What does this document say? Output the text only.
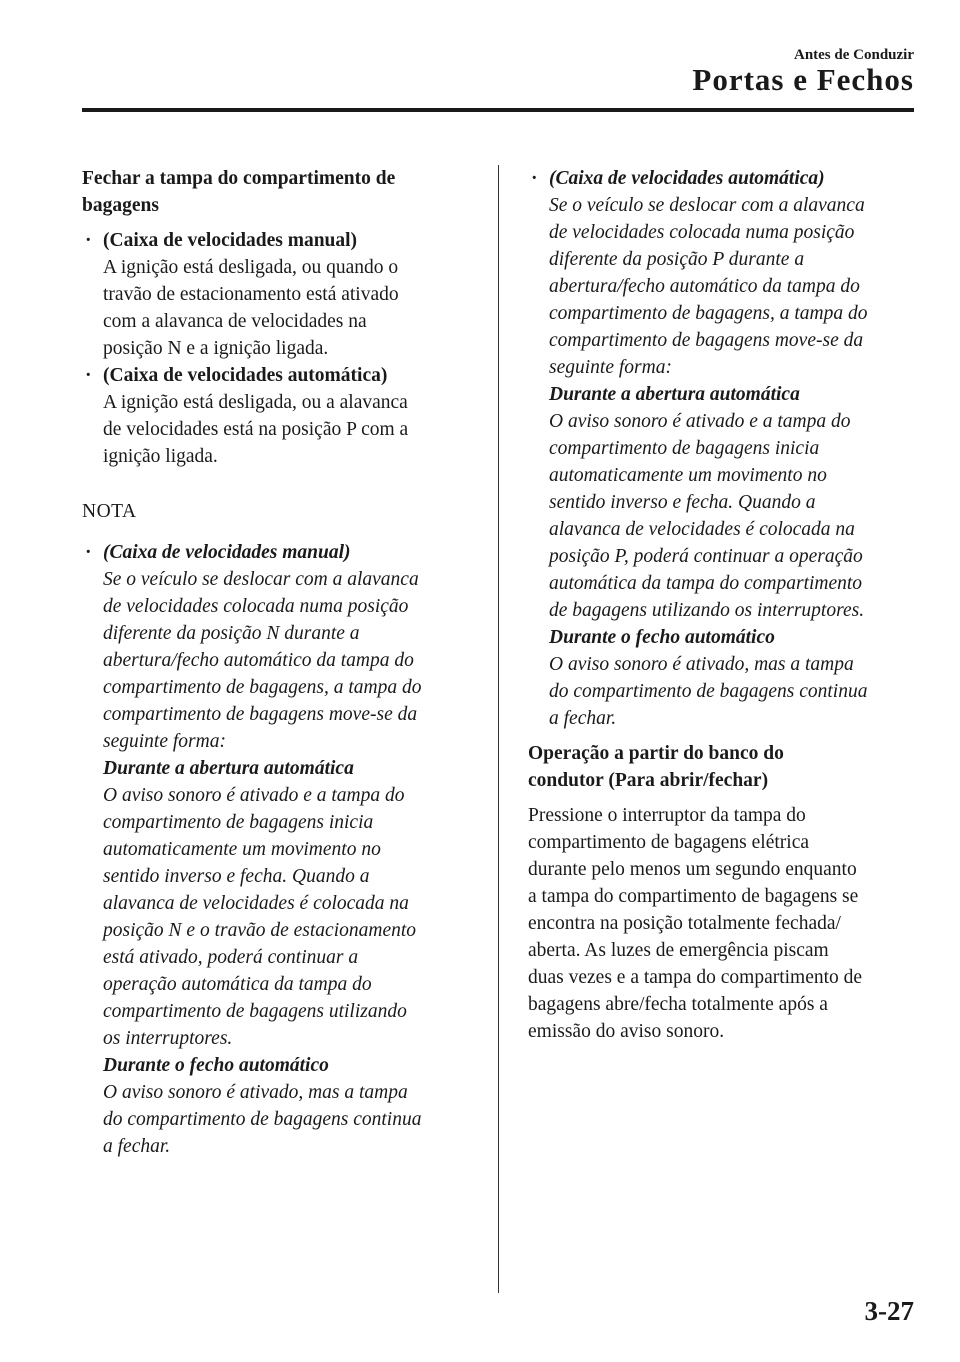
Antes de Conduzir
Portas e Fechos
Fechar a tampa do compartimento de
bagagens
· (Caixa de velocidades manual)
A ignição está desligada, ou quando o
travão de estacionamento está ativado
com a alavanca de velocidades na
posição N e a ignição ligada.
· (Caixa de velocidades automática)
A ignição está desligada, ou a alavanca
de velocidades está na posição P com a
ignição ligada.
NOTA
· (Caixa de velocidades manual)
Se o veículo se deslocar com a alavanca
de velocidades colocada numa posição
diferente da posição N durante a
abertura/fecho automático da tampa do
compartimento de bagagens, a tampa do
compartimento de bagagens move-se da
seguinte forma:
Durante a abertura automática
O aviso sonoro é ativado e a tampa do
compartimento de bagagens inicia
automaticamente um movimento no
sentido inverso e fecha. Quando a
alavanca de velocidades é colocada na
posição N e o travão de estacionamento
está ativado, poderá continuar a
operação automática da tampa do
compartimento de bagagens utilizando
os interruptores.
Durante o fecho automático
O aviso sonoro é ativado, mas a tampa
do compartimento de bagagens continua
a fechar.
· (Caixa de velocidades automática)
Se o veículo se deslocar com a alavanca
de velocidades colocada numa posição
diferente da posição P durante a
abertura/fecho automático da tampa do
compartimento de bagagens, a tampa do
compartimento de bagagens move-se da
seguinte forma:
Durante a abertura automática
O aviso sonoro é ativado e a tampa do
compartimento de bagagens inicia
automaticamente um movimento no
sentido inverso e fecha. Quando a
alavanca de velocidades é colocada na
posição P, poderá continuar a operação
automática da tampa do compartimento
de bagagens utilizando os interruptores.
Durante o fecho automático
O aviso sonoro é ativado, mas a tampa
do compartimento de bagagens continua
a fechar.
Operação a partir do banco do
condutor (Para abrir/fechar)
Pressione o interruptor da tampa do
compartimento de bagagens elétrica
durante pelo menos um segundo enquanto
a tampa do compartimento de bagagens se
encontra na posição totalmente fechada/
aberta. As luzes de emergência piscam
duas vezes e a tampa do compartimento de
bagagens abre/fecha totalmente após a
emissão do aviso sonoro.
3-27
